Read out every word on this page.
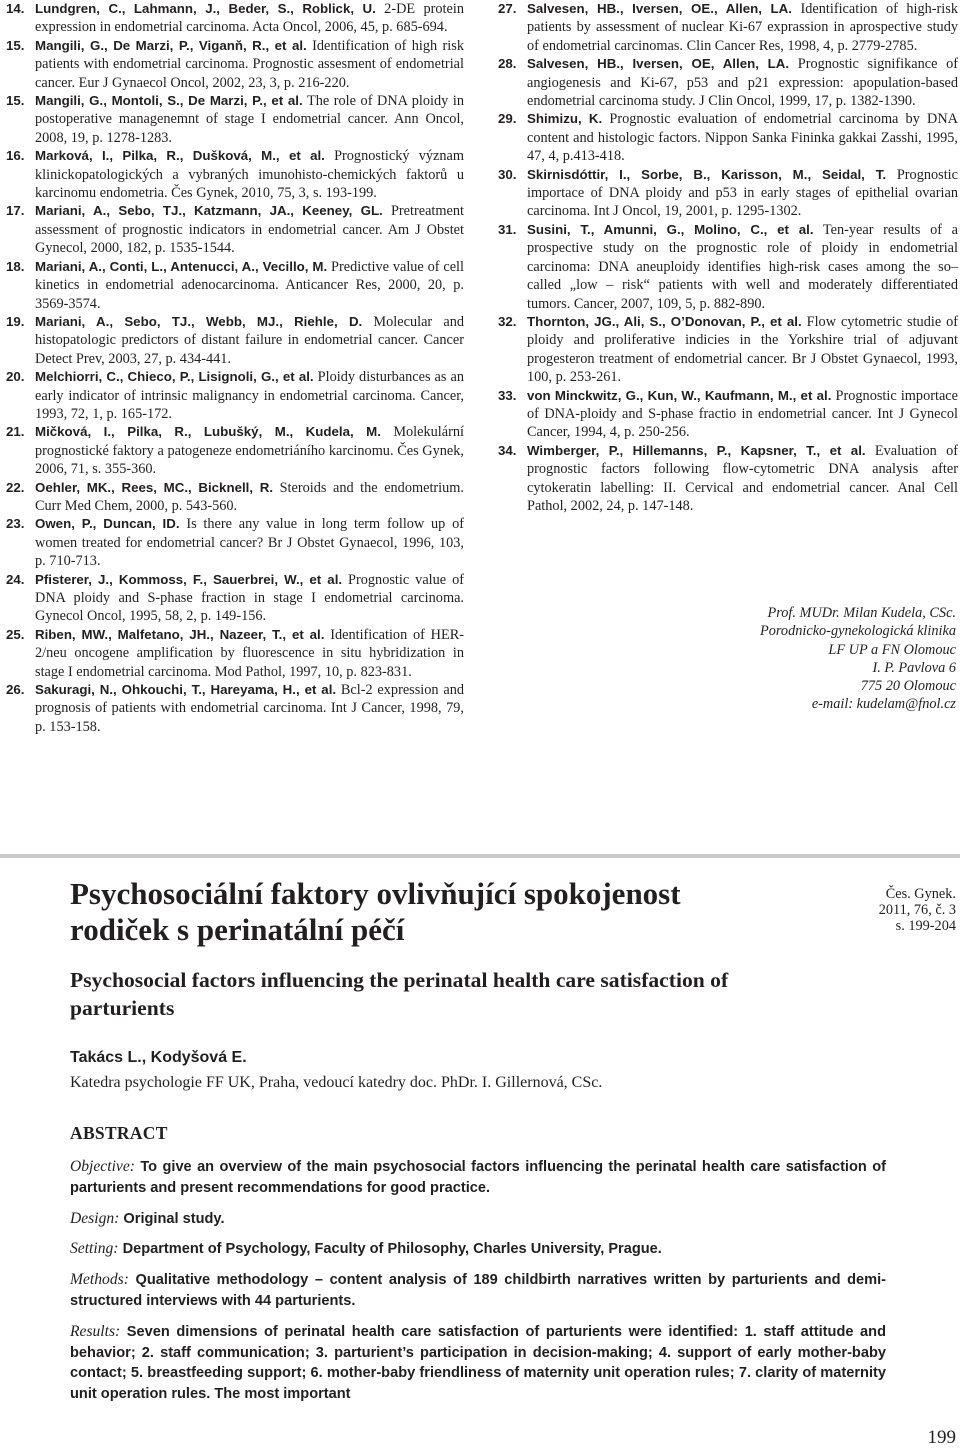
14. Lundgren, C., Lahmann, J., Beder, S., Roblick, U. 2-DE protein expression in endometrial carcinoma. Acta Oncol, 2006, 45, p. 685-694.

15. Mangili, G., De Marzi, P., Viganň, R., et al. Identification of high risk patients with endometrial carcinoma. Prognostic assesment of endometrial cancer. Eur J Gynaecol Oncol, 2002, 23, 3, p. 216-220.

15. Mangili, G., Montoli, S., De Marzi, P., et al. The role of DNA ploidy in postoperative managenemnt of stage I endometrial cancer. Ann Oncol, 2008, 19, p. 1278-1283.

16. Marková, I., Pilka, R., Dušková, M., et al. Prognostický význam klinickopatologických a vybraných imunohisto-chemických faktorů u karcinomu endometria. Čes Gynek, 2010, 75, 3, s. 193-199.

17. Mariani, A., Sebo, TJ., Katzmann, JA., Keeney, GL. Pretreatment assessment of prognostic indicators in endometrial cancer. Am J Obstet Gynecol, 2000, 182, p. 1535-1544.

18. Mariani, A., Conti, L., Antenucci, A., Vecillo, M. Predictive value of cell kinetics in endometrial adenocarcinoma. Anticancer Res, 2000, 20, p. 3569-3574.

19. Mariani, A., Sebo, TJ., Webb, MJ., Riehle, D. Molecular and histopatologic predictors of distant failure in endometrial cancer. Cancer Detect Prev, 2003, 27, p. 434-441.

20. Melchiorri, C., Chieco, P., Lisignoli, G., et al. Ploidy disturbances as an early indicator of intrinsic malignancy in endometrial carcinoma. Cancer, 1993, 72, 1, p. 165-172.

21. Mičková, I., Pilka, R., Lubušký, M., Kudela, M. Molekulární prognostické faktory a patogeneze endometriáního karcinomu. Čes Gynek, 2006, 71, s. 355-360.

22. Oehler, MK., Rees, MC., Bicknell, R. Steroids and the endometrium. Curr Med Chem, 2000, p. 543-560.

23. Owen, P., Duncan, ID. Is there any value in long term follow up of women treated for endometrial cancer? Br J Obstet Gynaecol, 1996, 103, p. 710-713.

24. Pfisterer, J., Kommoss, F., Sauerbrei, W., et al. Prognostic value of DNA ploidy and S-phase fraction in stage I endometrial carcinoma. Gynecol Oncol, 1995, 58, 2, p. 149-156.

25. Riben, MW., Malfetano, JH., Nazeer, T., et al. Identification of HER-2/neu oncogene amplification by fluorescence in situ hybridization in stage I endometrial carcinoma. Mod Pathol, 1997, 10, p. 823-831.

26. Sakuragi, N., Ohkouchi, T., Hareyama, H., et al. Bcl-2 expression and prognosis of patients with endometrial carcinoma. Int J Cancer, 1998, 79, p. 153-158.

27. Salvesen, HB., Iversen, OE., Allen, LA. Identification of high-risk patients by assessment of nuclear Ki-67 exprassion in aprospective study of endometrial carcinomas. Clin Cancer Res, 1998, 4, p. 2779-2785.

28. Salvesen, HB., Iversen, OE, Allen, LA. Prognostic signifikance of angiogenesis and Ki-67, p53 and p21 expression: apopulation-based endometrial carcinoma study. J Clin Oncol, 1999, 17, p. 1382-1390.

29. Shimizu, K. Prognostic evaluation of endometrial carcinoma by DNA content and histologic factors. Nippon Sanka Fininka gakkai Zasshi, 1995, 47, 4, p.413-418.

30. Skirnisdóttir, I., Sorbe, B., Karisson, M., Seidal, T. Prognostic importace of DNA ploidy and p53 in early stages of epithelial ovarian carcinoma. Int J Oncol, 19, 2001, p. 1295-1302.

31. Susini, T., Amunni, G., Molino, C., et al. Ten-year results of a prospective study on the prognostic role of ploidy in endometrial carcinoma: DNA aneuploidy identifies high-risk cases among the so–called „low – risk“ patients with well and moderately differentiated tumors. Cancer, 2007, 109, 5, p. 882-890.

32. Thornton, JG., Ali, S., O’Donovan, P., et al. Flow cytometric studie of ploidy and proliferative indicies in the Yorkshire trial of adjuvant progesteron treatment of endometrial cancer. Br J Obstet Gynaecol, 1993, 100, p. 253-261.

33. von Minckwitz, G., Kun, W., Kaufmann, M., et al. Prognostic importace of DNA-ploidy and S-phase fractio in endometrial cancer. Int J Gynecol Cancer, 1994, 4, p. 250-256.

34. Wimberger, P., Hillemanns, P., Kapsner, T., et al. Evaluation of prognostic factors following flow-cytometric DNA analysis after cytokeratin labelling: II. Cervical and endometrial cancer. Anal Cell Pathol, 2002, 24, p. 147-148.

Prof. MUDr. Milan Kudela, CSc.
Porodnicko-gynekologická klinika
LF UP a FN Olomouc
I. P. Pavlova 6
775 20 Olomouc
e-mail: kudelam@fnol.cz
Psychosociální faktory ovlivňující spokojenost rodiček s perinatální péčí
Čes. Gynek.
2011, 76, č. 3
s. 199-204
Psychosocial factors influencing the perinatal health care satisfaction of parturients
Takács L., Kodyšová E.
Katedra psychologie FF UK, Praha, vedoucí katedry doc. PhDr. I. Gillernová, CSc.
ABSTRACT

Objective: To give an overview of the main psychosocial factors influencing the perinatal health care satisfaction of parturients and present recommendations for good practice.

Design: Original study.

Setting: Department of Psychology, Faculty of Philosophy, Charles University, Prague.

Methods: Qualitative methodology – content analysis of 189 childbirth narratives written by parturients and demi-structured interviews with 44 parturients.

Results: Seven dimensions of perinatal health care satisfaction of parturients were identified: 1. staff attitude and behavior; 2. staff communication; 3. parturient’s participation in decision-making; 4. support of early mother-baby contact; 5. breastfeeding support; 6. mother-baby friendliness of maternity unit operation rules; 7. clarity of maternity unit operation rules. The most important

199
